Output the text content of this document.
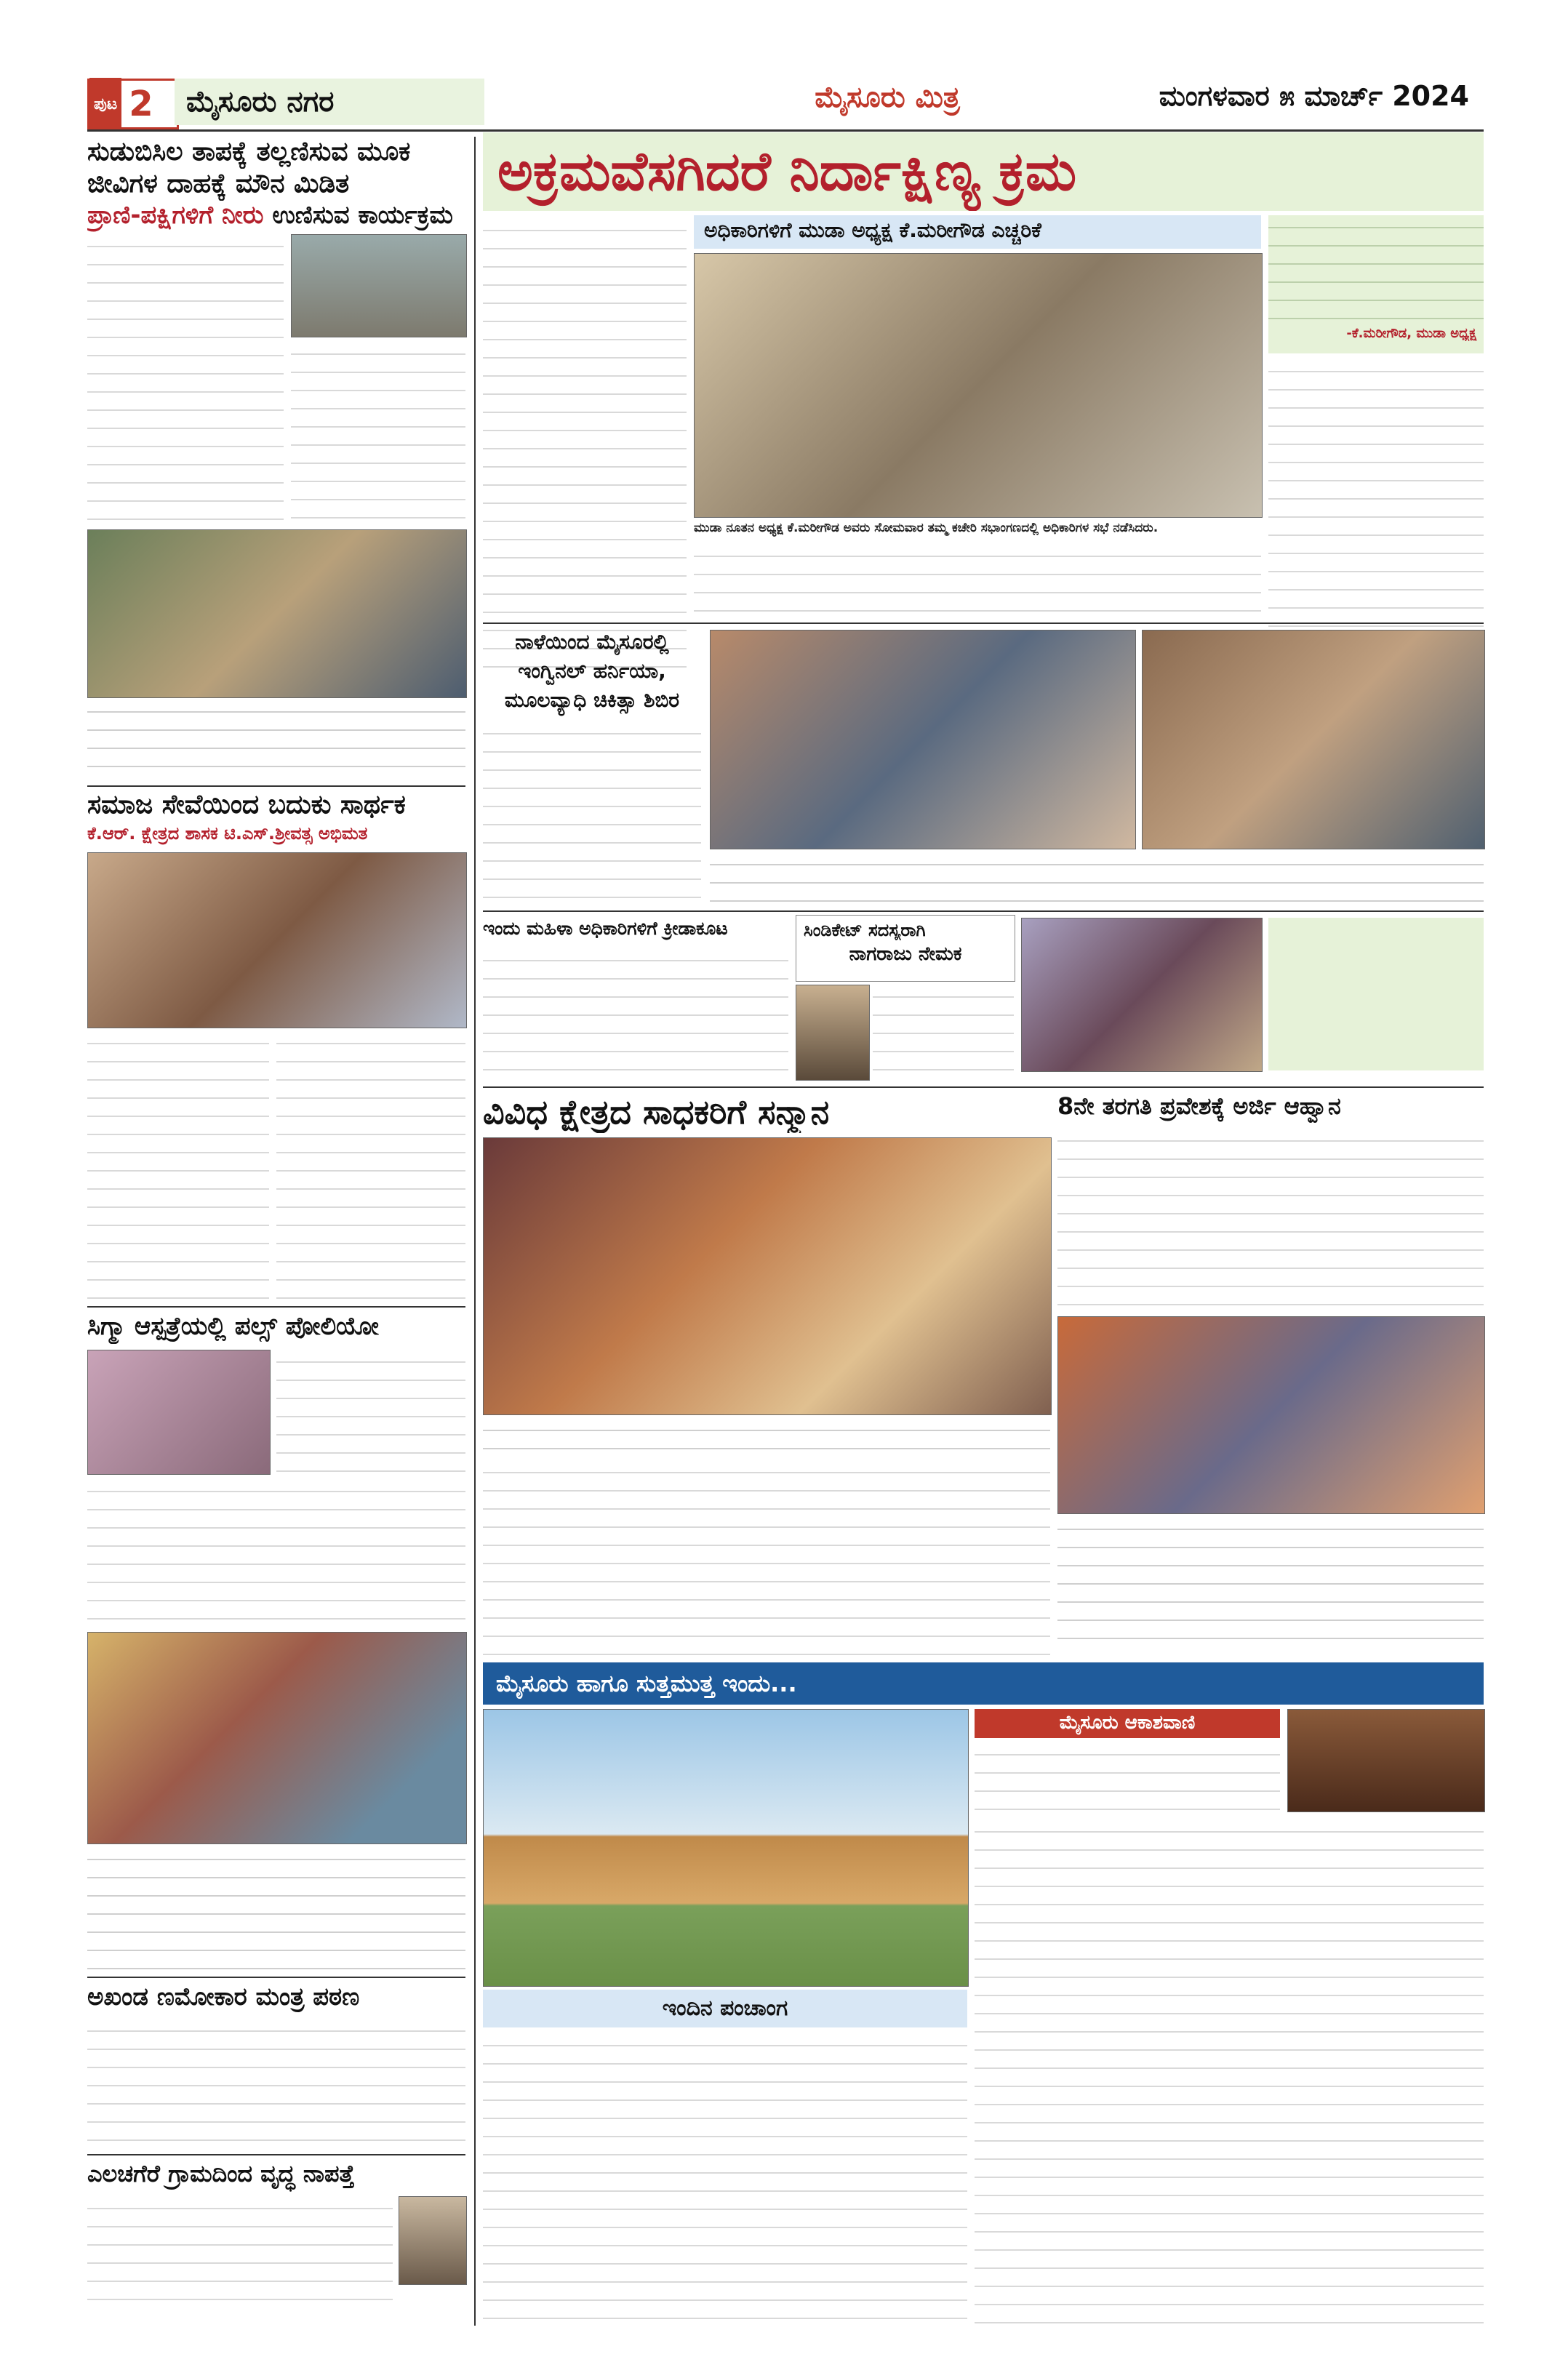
ಪುಟ 2	ಮೈಸೂರು ನಗರ	ಮೈಸೂರು ಮಿತ್ರ	ಮಂಗಳವಾರ ೫ ಮಾರ್ಚ್ 2024
ಸುಡುಬಿಸಿಲ ತಾಪಕ್ಕೆ ತಲ್ಲಣಿಸುವ ಮೂಕ
ಜೀವಿಗಳ ದಾಹಕ್ಕೆ ಮೌನ ಮಿಡಿತ
ಪ್ರಾಣಿ-ಪಕ್ಷಿಗಳಿಗೆ ನೀರು ಉಣಿಸುವ ಕಾರ್ಯಕ್ರಮ
ಸಮಾಜ ಸೇವೆಯಿಂದ ಬದುಕು ಸಾರ್ಥಕ
ಕೆ.ಆರ್. ಕ್ಷೇತ್ರದ ಶಾಸಕ ಟಿ.ಎಸ್.ಶ್ರೀವತ್ಸ ಅಭಿಮತ
ಸಿಗ್ಮಾ ಆಸ್ಪತ್ರೆಯಲ್ಲಿ ಪಲ್ಸ್ ಪೋಲಿಯೋ
ಅಖಂಡ ಣಮೋಕಾರ ಮಂತ್ರ ಪಠಣ
ಎಲಚಗೆರೆ ಗ್ರಾಮದಿಂದ ವೃದ್ಧ ನಾಪತ್ತೆ
ಅಕ್ರಮವೆಸಗಿದರೆ ನಿರ್ದಾಕ್ಷಿಣ್ಯ ಕ್ರಮ
ಅಧಿಕಾರಿಗಳಿಗೆ ಮುಡಾ ಅಧ್ಯಕ್ಷ ಕೆ.ಮರೀಗೌಡ ಎಚ್ಚರಿಕೆ
ಮುಡಾ ನೂತನ ಅಧ್ಯಕ್ಷ ಕೆ.ಮರೀಗೌಡ ಅವರು ಸೋಮವಾರ ತಮ್ಮ ಕಚೇರಿ ಸಭಾಂಗಣದಲ್ಲಿ ಅಧಿಕಾರಿಗಳ ಸಭೆ ನಡೆಸಿದರು.
-ಕೆ.ಮರೀಗೌಡ, ಮುಡಾ ಅಧ್ಯಕ್ಷ
ನಾಳೆಯಿಂದ ಮೈಸೂರಲ್ಲಿ
ಇಂಗ್ವಿನಲ್ ಹರ್ನಿಯಾ,
ಮೂಲವ್ಯಾಧಿ ಚಿಕಿತ್ಸಾ ಶಿಬಿರ
ಇಂದು ಮಹಿಳಾ ಅಧಿಕಾರಿಗಳಿಗೆ ಕ್ರೀಡಾಕೂಟ	ಸಿಂಡಿಕೇಟ್ ಸದಸ್ಯರಾಗಿ
ನಾಗರಾಜು ನೇಮಕ
ವಿವಿಧ ಕ್ಷೇತ್ರದ ಸಾಧಕರಿಗೆ ಸನ್ಮಾನ	8ನೇ ತರಗತಿ ಪ್ರವೇಶಕ್ಕೆ ಅರ್ಜಿ ಆಹ್ವಾನ
ಮೈಸೂರು ಹಾಗೂ ಸುತ್ತಮುತ್ತ ಇಂದು...
ಇಂದಿನ ಪಂಚಾಂಗ
ಮೈಸೂರು ಆಕಾಶವಾಣಿ
